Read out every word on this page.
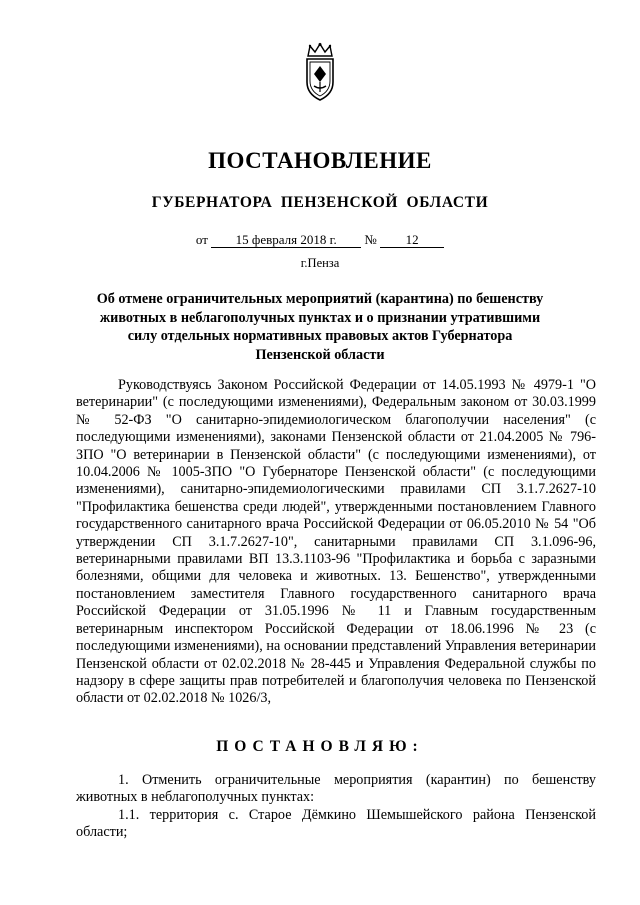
ПОСТАНОВЛЕНИЕ
ГУБЕРНАТОРА ПЕНЗЕНСКОЙ ОБЛАСТИ
от 15 февраля 2018 г. № 12
г.Пенза
Об отмене ограничительных мероприятий (карантина) по бешенству животных в неблагополучных пунктах и о признании утратившими силу отдельных нормативных правовых актов Губернатора Пензенской области

Руководствуясь Законом Российской Федерации от 14.05.1993 № 4979-1 "О ветеринарии" (с последующими изменениями), Федеральным законом от 30.03.1999 № 52-ФЗ "О санитарно-эпидемиологическом благополучии населения" (с последующими изменениями), законами Пензенской области от 21.04.2005 № 796-ЗПО "О ветеринарии в Пензенской области" (с последующими изменениями), от 10.04.2006 № 1005-ЗПО "О Губернаторе Пензенской области" (с последующими изменениями), санитарно-эпидемиологическими правилами СП 3.1.7.2627-10 "Профилактика бешенства среди людей", утвержденными постановлением Главного государственного санитарного врача Российской Федерации от 06.05.2010 № 54 "Об утверждении СП 3.1.7.2627-10", санитарными правилами СП 3.1.096-96, ветеринарными правилами ВП 13.3.1103-96 "Профилактика и борьба с заразными болезнями, общими для человека и животных. 13. Бешенство", утвержденными постановлением заместителя Главного государственного санитарного врача Российской Федерации от 31.05.1996 № 11 и Главным государственным ветеринарным инспектором Российской Федерации от 18.06.1996 № 23 (с последующими изменениями), на основании представлений Управления ветеринарии Пензенской области от 02.02.2018 № 28-445 и Управления Федеральной службы по надзору в сфере защиты прав потребителей и благополучия человека по Пензенской области от 02.02.2018 № 1026/3,

ПОСТАНОВЛЯЮ:

1. Отменить ограничительные мероприятия (карантин) по бешенству животных в неблагополучных пунктах:

1.1. территория с. Старое Дёмкино Шемышейского района Пензенской области;
